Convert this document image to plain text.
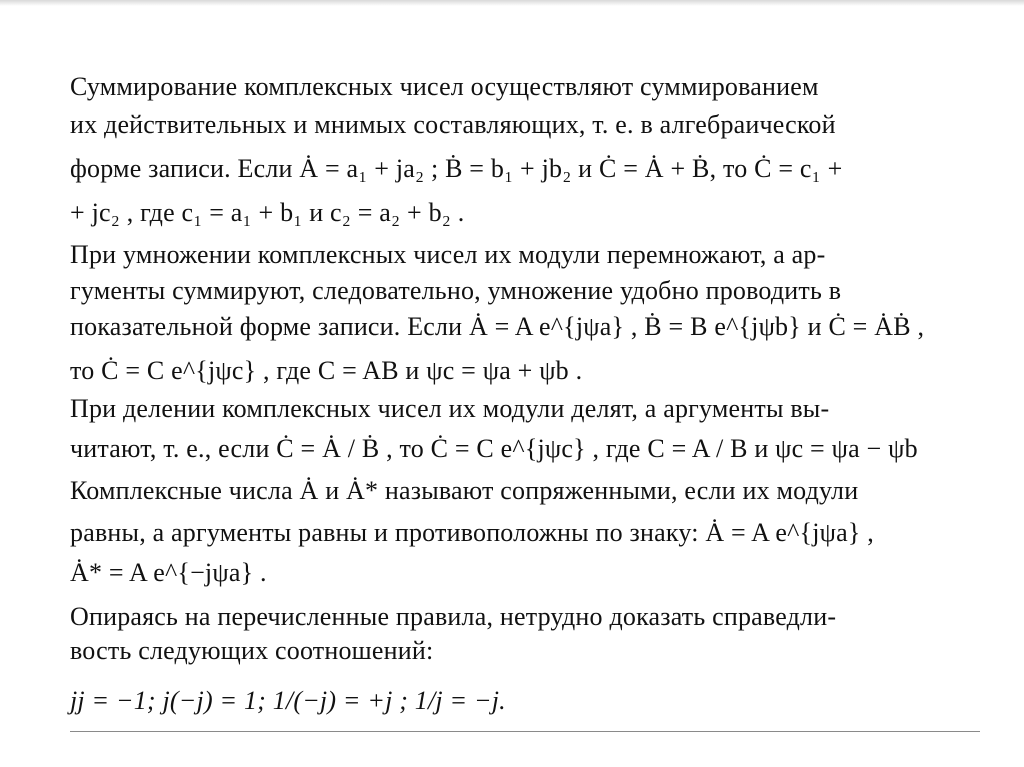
Суммирование комплексных чисел осуществляют суммированием
их действительных и мнимых составляющих, т. е. в алгебраической
форме записи. Если Ȧ = a₁ + ja₂ ; Ḃ = b₁ + jb₂ и Ċ = Ȧ + Ḃ, то Ċ = c₁ +
+ jc₂ , где c₁ = a₁ + b₁ и c₂ = a₂ + b₂ .
При умножении комплексных чисел их модули перемножают, а ар-
гументы суммируют, следовательно, умножение удобно проводить в
показательной форме записи. Если Ȧ = A e^{jψa} , Ḃ = B e^{jψb} и Ċ = ȦḂ ,
то Ċ = C e^{jψc} , где C = AB и ψc = ψa + ψb .
При делении комплексных чисел их модули делят, а аргументы вы-
читают, т. е., если Ċ = Ȧ / Ḃ , то Ċ = C e^{jψc} , где C = A / B и ψc = ψa − ψb
Комплексные числа Ȧ и Ȧ* называют сопряженными, если их модули
равны, а аргументы равны и противоположны по знаку: Ȧ = A e^{jψa} ,
Ȧ* = A e^{−jψa} .
Опираясь на перечисленные правила, нетрудно доказать справедли-
вость следующих соотношений:
jj = −1; j(−j) = 1; 1/(−j) = +j ; 1/j = −j.
